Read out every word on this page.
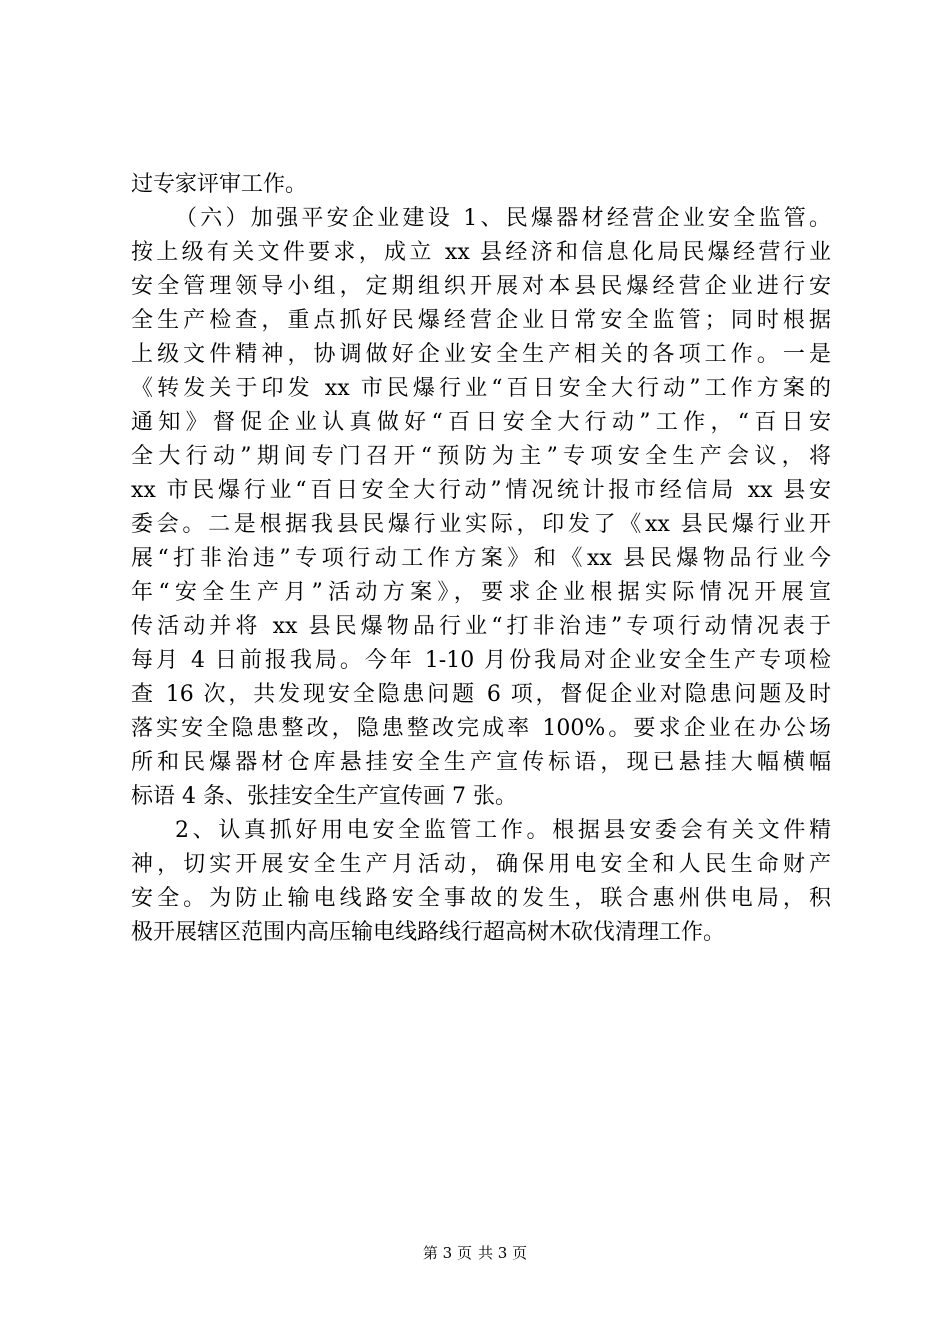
过专家评审工作。
（六）加强平安企业建设 1、民爆器材经营企业安全监管。
按上级有关文件要求，成立 xx 县经济和信息化局民爆经营行业
安全管理领导小组，定期组织开展对本县民爆经营企业进行安
全生产检查，重点抓好民爆经营企业日常安全监管；同时根据
上级文件精神，协调做好企业安全生产相关的各项工作。一是
《转发关于印发 xx 市民爆行业“百日安全大行动”工作方案的
通知》督促企业认真做好“百日安全大行动”工作，“百日安
全大行动”期间专门召开“预防为主”专项安全生产会议，将
xx 市民爆行业“百日安全大行动”情况统计报市经信局 xx 县安
委会。二是根据我县民爆行业实际，印发了《xx 县民爆行业开
展“打非治违”专项行动工作方案》和《xx 县民爆物品行业今
年“安全生产月”活动方案》，要求企业根据实际情况开展宣
传活动并将 xx 县民爆物品行业“打非治违”专项行动情况表于
每月 4 日前报我局。今年 1-10 月份我局对企业安全生产专项检
查 16 次，共发现安全隐患问题 6 项，督促企业对隐患问题及时
落实安全隐患整改，隐患整改完成率 100%。要求企业在办公场
所和民爆器材仓库悬挂安全生产宣传标语，现已悬挂大幅横幅
标语 4 条、张挂安全生产宣传画 7 张。
2、认真抓好用电安全监管工作。根据县安委会有关文件精
神，切实开展安全生产月活动，确保用电安全和人民生命财产
安全。为防止输电线路安全事故的发生，联合惠州供电局，积
极开展辖区范围内高压输电线路线行超高树木砍伐清理工作。
第 3 页 共 3 页
